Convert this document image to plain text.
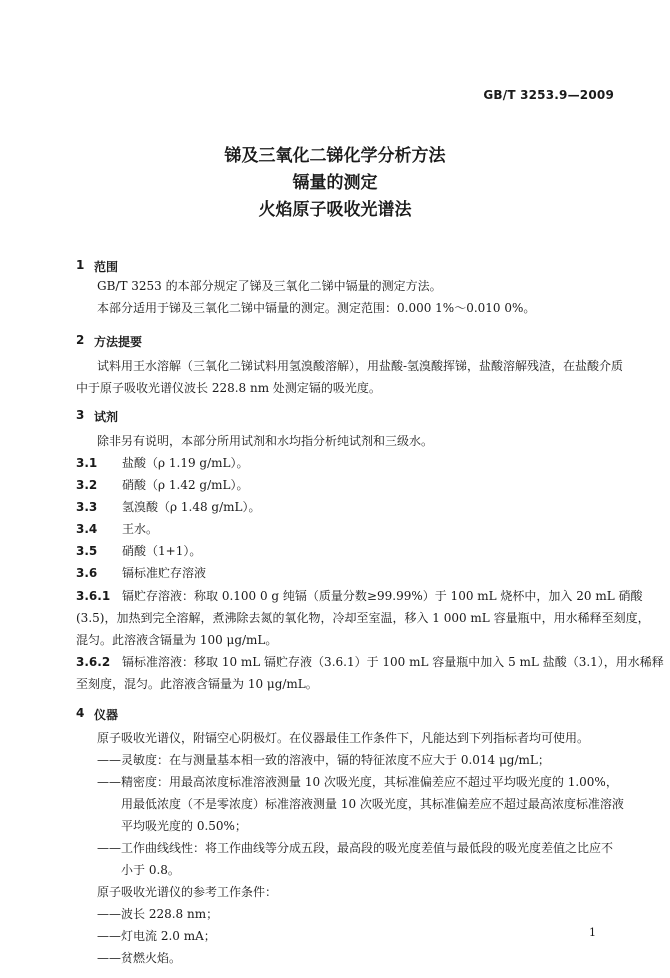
GB/T 3253.9—2009
锑及三氧化二锑化学分析方法
镉量的测定
火焰原子吸收光谱法
1 范围
GB/T 3253 的本部分规定了锑及三氧化二锑中镉量的测定方法。
本部分适用于锑及三氧化二锑中镉量的测定。测定范围：0.000 1%～0.010 0%。
2 方法提要
试料用王水溶解（三氧化二锑试料用氢溴酸溶解），用盐酸-氢溴酸挥锑，盐酸溶解残渣，在盐酸介质
中于原子吸收光谱仪波长 228.8 nm 处测定镉的吸光度。
3 试剂
除非另有说明，本部分所用试剂和水均指分析纯试剂和三级水。
3.1 盐酸（ρ 1.19 g/mL）。
3.2 硝酸（ρ 1.42 g/mL）。
3.3 氢溴酸（ρ 1.48 g/mL）。
3.4 王水。
3.5 硝酸（1+1）。
3.6 镉标准贮存溶液
3.6.1 镉贮存溶液：称取 0.100 0 g 纯镉（质量分数≥99.99%）于 100 mL 烧杯中，加入 20 mL 硝酸
(3.5)，加热到完全溶解，煮沸除去氮的氧化物，冷却至室温，移入 1 000 mL 容量瓶中，用水稀释至刻度，
混匀。此溶液含镉量为 100 μg/mL。
3.6.2 镉标准溶液：移取 10 mL 镉贮存液（3.6.1）于 100 mL 容量瓶中加入 5 mL 盐酸（3.1），用水稀释
至刻度，混匀。此溶液含镉量为 10 μg/mL。
4 仪器
原子吸收光谱仪，附镉空心阴极灯。在仪器最佳工作条件下，凡能达到下列指标者均可使用。
——灵敏度：在与测量基本相一致的溶液中，镉的特征浓度不应大于 0.014 μg/mL；
——精密度：用最高浓度标准溶液测量 10 次吸光度，其标准偏差应不超过平均吸光度的 1.00%，
用最低浓度（不是零浓度）标准溶液测量 10 次吸光度，其标准偏差应不超过最高浓度标准溶液
平均吸光度的 0.50%；
——工作曲线线性：将工作曲线等分成五段，最高段的吸光度差值与最低段的吸光度差值之比应不
小于 0.8。
原子吸收光谱仪的参考工作条件：
——波长 228.8 nm；
——灯电流 2.0 mA；
——贫燃火焰。
1
